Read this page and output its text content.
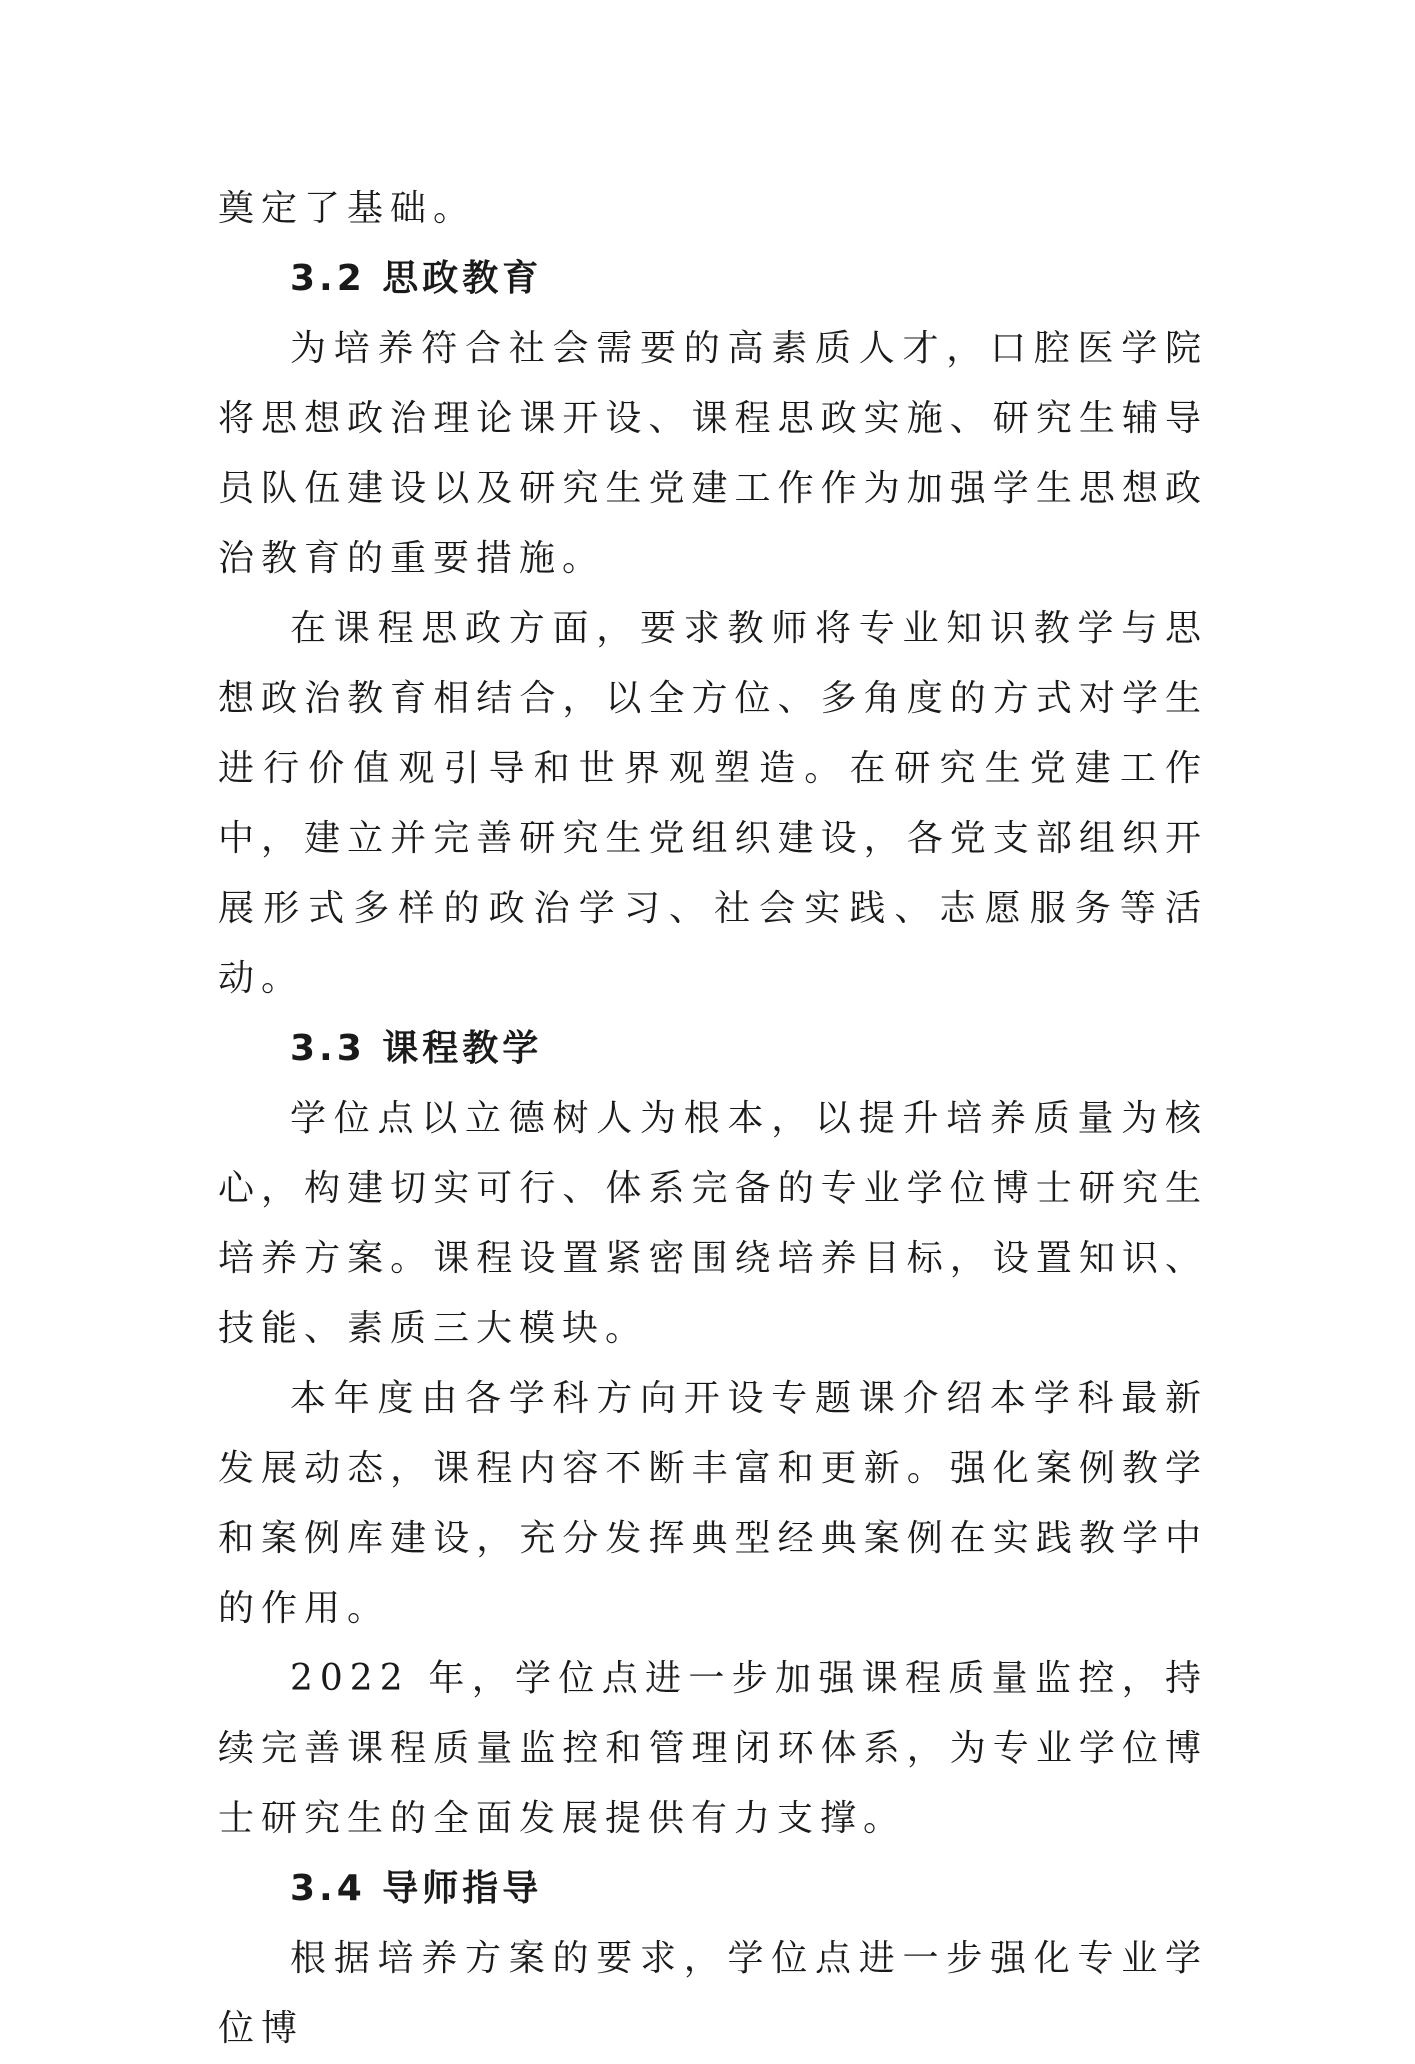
奠定了基础。

3.2 思政教育

为培养符合社会需要的高素质人才，口腔医学院将思想政治理论课开设、课程思政实施、研究生辅导员队伍建设以及研究生党建工作作为加强学生思想政治教育的重要措施。

在课程思政方面，要求教师将专业知识教学与思想政治教育相结合，以全方位、多角度的方式对学生进行价值观引导和世界观塑造。在研究生党建工作中，建立并完善研究生党组织建设，各党支部组织开展形式多样的政治学习、社会实践、志愿服务等活动。

3.3 课程教学

学位点以立德树人为根本，以提升培养质量为核心，构建切实可行、体系完备的专业学位博士研究生培养方案。课程设置紧密围绕培养目标，设置知识、技能、素质三大模块。

本年度由各学科方向开设专题课介绍本学科最新发展动态，课程内容不断丰富和更新。强化案例教学和案例库建设，充分发挥典型经典案例在实践教学中的作用。

2022 年，学位点进一步加强课程质量监控，持续完善课程质量监控和管理闭环体系，为专业学位博士研究生的全面发展提供有力支撑。

3.4 导师指导

根据培养方案的要求，学位点进一步强化专业学位博
